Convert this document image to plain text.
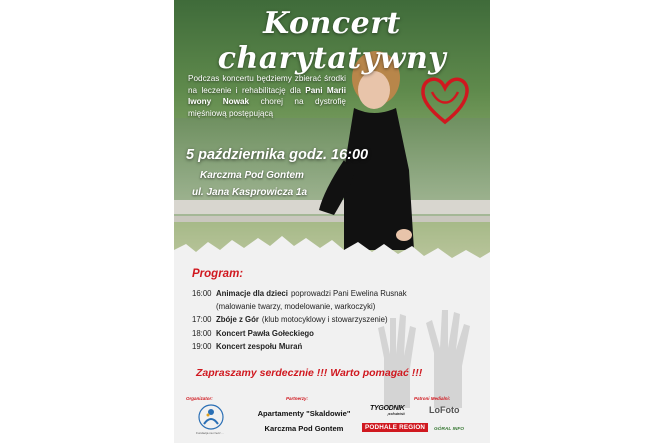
Koncert charytatywny
Podczas koncertu będziemy zbierać środki na leczenie i rehabilitację dla Pani Marii Iwony Nowak chorej na dystrofię mięśniową postępującą
5 października godz. 16:00
Karczma Pod Gontem
ul. Jana Kasprowicza 1a
Program:
16:00 Animacje dla dzieci poprowadzi Pani Ewelina Rusnak
(malowanie twarzy, modelowanie, warkoczyki)
17:00 Zbóje z Gór (klub motocyklowy i stowarzyszenie)
18:00 Koncert Pawła Gołeckiego
19:00 Koncert zespołu Murań
Zapraszamy serdecznie !!! Warto pomagać !!!
Organizator:	Partnerzy:	Patroni Medialni:
Fundacja na rzecz ...
Apartamenty "Skaldowie"
Karczma Pod Gontem
TYGODNIK
podhalański	LoFoto
PODHALE REGION	GÓRAL INFO
